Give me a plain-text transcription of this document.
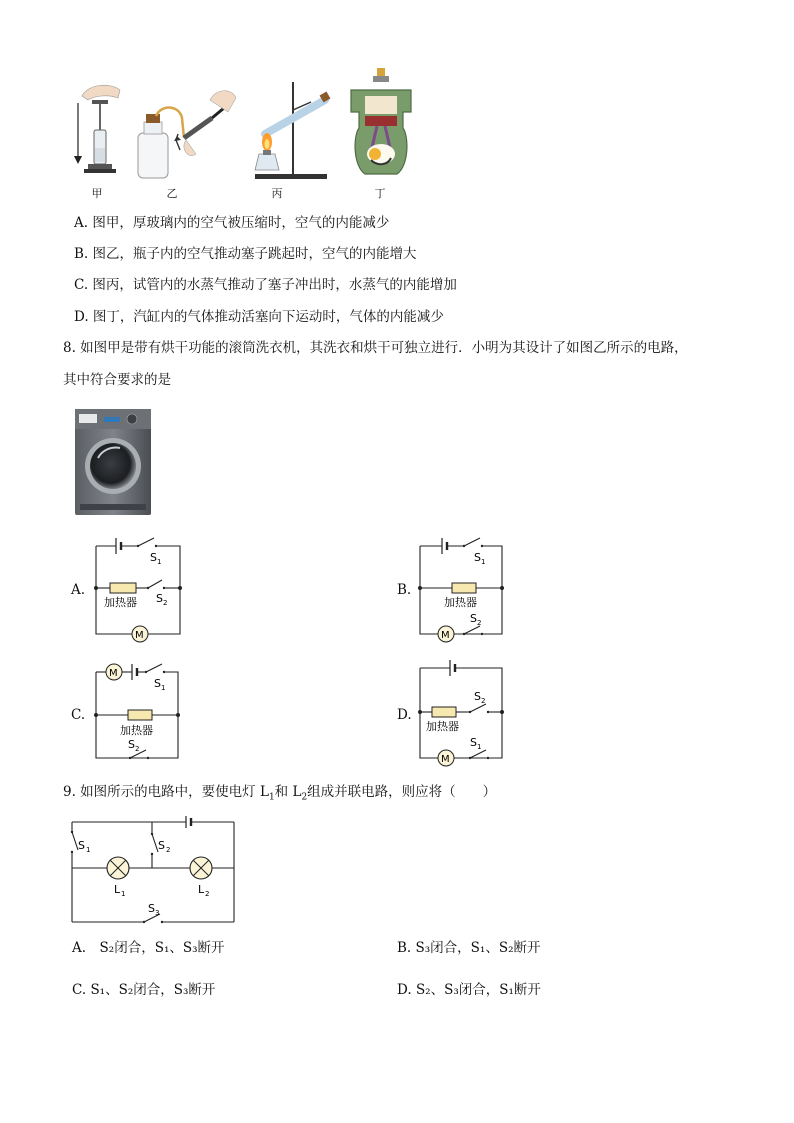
甲	乙	丙	丁
A. 图甲，厚玻璃内的空气被压缩时，空气的内能减少
B. 图乙，瓶子内的空气推动塞子跳起时，空气的内能增大
C. 图丙，试管内的水蒸气推动了塞子冲出时，水蒸气的内能增加
D. 图丁，汽缸内的气体推动活塞向下运动时，气体的内能减少
8. 如图甲是带有烘干功能的滚筒洗衣机，其洗衣和烘干可独立进行．小明为其设计了如图乙所示的电路，
其中符合要求的是
A.
S 1
加热器 S 2
M
B.
S 1
加热器
M
S 2
C.
M
S 1
加热器
S 2
D.
S 2
加热器
M
S 1
9. 如图所示的电路中，要使电灯 $L_1$和 $L_2$组成并联电路，则应将（　　）
S 1	S 2
L 1	L 2
S 3
A.  S₂闭合，S₁、S₃断开	B. S₃闭合，S₁、S₂断开
C. S₁、S₂闭合，S₃断开	D. S₂、S₃闭合，S₁断开
